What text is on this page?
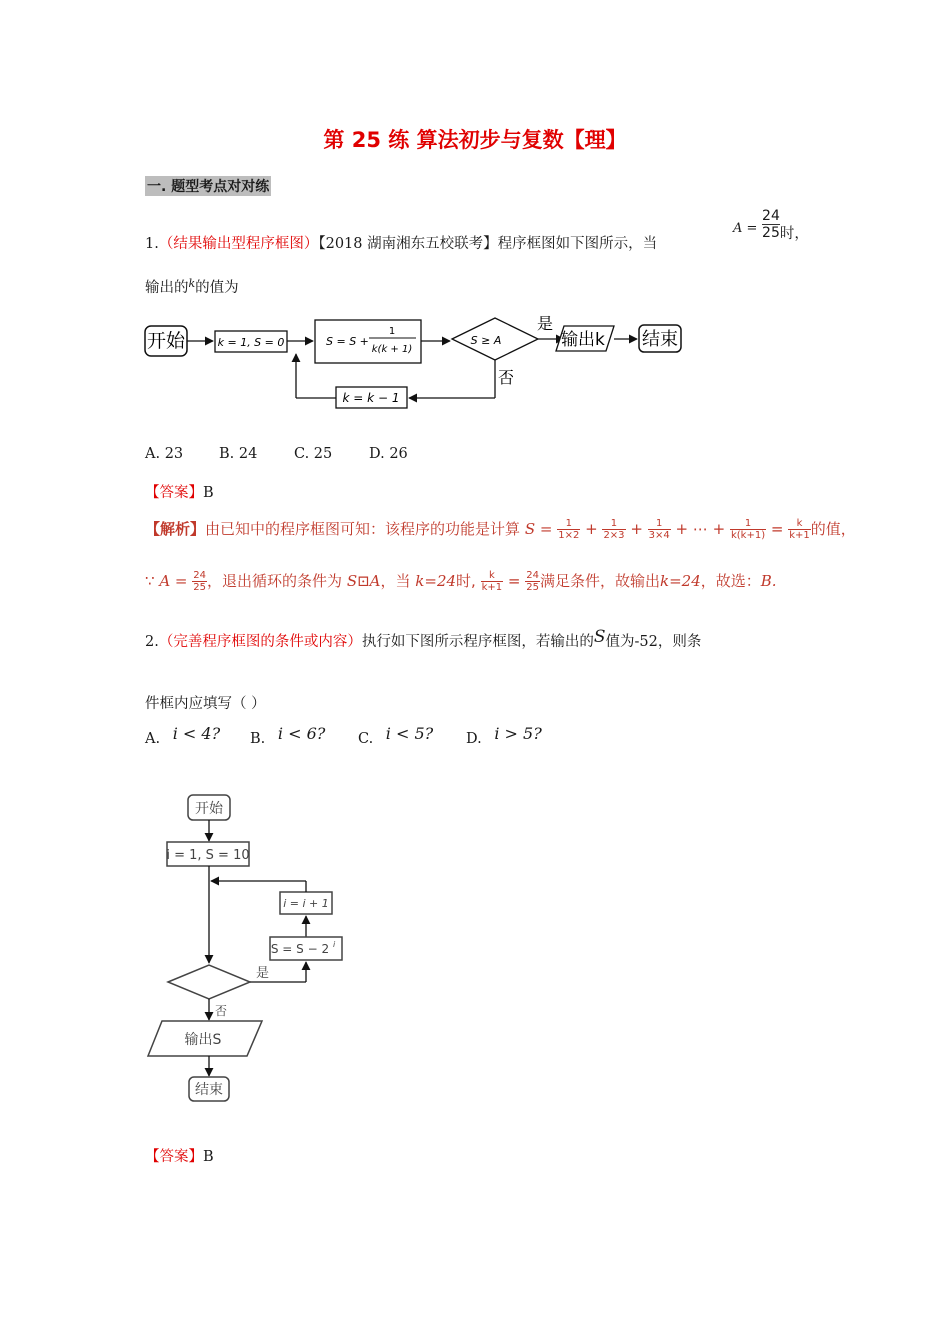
第 25 练 算法初步与复数【理】
一. 题型考点对对练
1.（结果输出型程序框图）【2018 湖南湘东五校联考】程序框图如下图所示，当
$A = \frac{24}{25}$ 时，
输出的$^k$的值为
开始	k = 1, S = 0	S = S +
1
k(k + 1)
S ≥ A
是
输出k 结束
否
k = k − 1
A. 23 B. 24	C. 25	D. 26
【答案】B
【解析】由已知中的程序框图可知：该程序的功能是计算 $S = \frac{1}{1\times 2} + \frac{1}{2\times 3} + \frac{1}{3\times 4}$ + ⋯ + $\frac{1}{k(k+1)} = \frac{k}{k+1}$ 的值，
∵ $A = \frac{24}{25}$ ，退出循环的条件为 S⊡A，当 k=24时, $\frac{k}{k+1} = \frac{24}{25}$ 满足条件，故输出k=24，故选：B.
2.（完善程序框图的条件或内容）执行如下图所示程序框图，若输出的S值为-52，则条
件框内应填写（ ）
A. i < 4? B. i < 6? C. i < 5? D. i > 5?
开始
i = 1, S = 10
i = i + 1
S = S − 2 i
是
否
输出S
结束
【答案】B
